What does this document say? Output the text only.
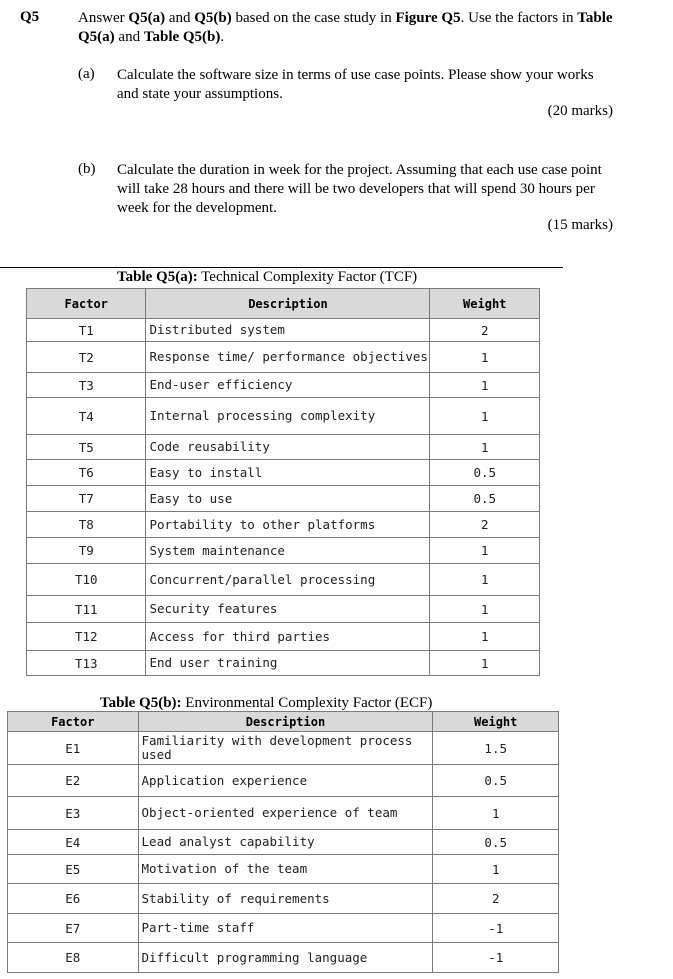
Q5	Answer Q5(a) and Q5(b) based on the case study in Figure Q5. Use the factors in Table Q5(a) and Table Q5(b).
(a) Calculate the software size in terms of use case points. Please show your works and state your assumptions.
(20 marks)
(b) Calculate the duration in week for the project. Assuming that each use case point will take 28 hours and there will be two developers that will spend 30 hours per week for the development.
(15 marks)
Table Q5(a): Technical Complexity Factor (TCF)
Factor	Description	Weight
T1	Distributed system	2
T2	Response time/ performance objectives	1
T3	End-user efficiency	1
T4	Internal processing complexity	1
T5	Code reusability	1
T6	Easy to install	0.5
T7	Easy to use	0.5
T8	Portability to other platforms	2
T9	System maintenance	1
T10	Concurrent/parallel processing	1
T11	Security features	1
T12	Access for third parties	1
T13	End user training	1
Table Q5(b): Environmental Complexity Factor (ECF)
Factor	Description	Weight
E1	Familiarity with development process used	1.5
E2	Application experience	0.5
E3	Object-oriented experience of team	1
E4	Lead analyst capability	0.5
E5	Motivation of the team	1
E6	Stability of requirements	2
E7	Part-time staff	-1
E8	Difficult programming language	-1
